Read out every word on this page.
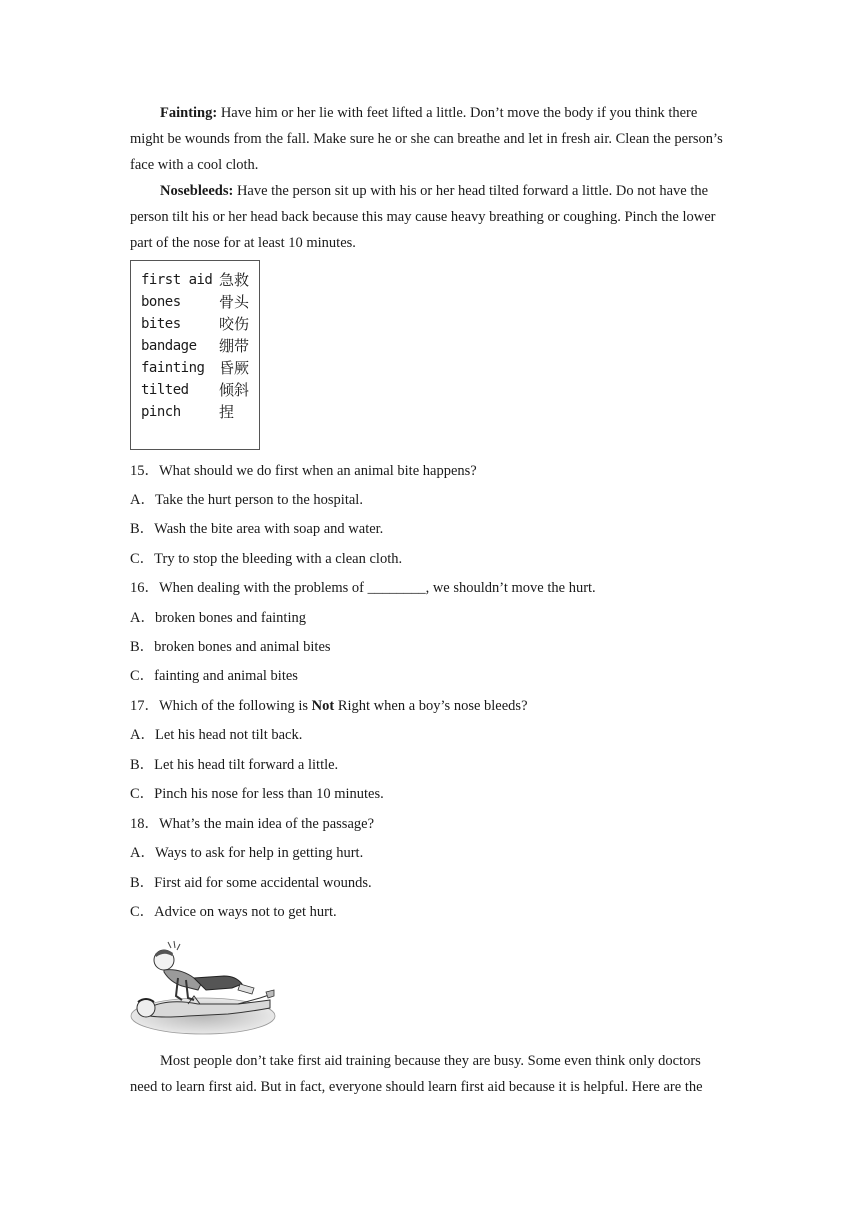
Fainting: Have him or her lie with feet lifted a little. Don’t move the body if you think there might be wounds from the fall. Make sure he or she can breathe and let in fresh air. Clean the person’s face with a cool cloth.

Nosebleeds: Have the person sit up with his or her head tilted forward a little. Do not have the person tilt his or her head back because this may cause heavy breathing or coughing. Pinch the lower part of the nose for at least 10 minutes.

first aid 急救
bones	骨头
bites	咬伤
bandage	绷带
fainting 昏厥
tilted	倾斜
pinch	捏
15．What should we do first when an animal bite happens?
A．Take the hurt person to the hospital.
B．Wash the bite area with soap and water.
C．Try to stop the bleeding with a clean cloth.
16．When dealing with the problems of ________, we shouldn’t move the hurt.
A．broken bones and fainting
B．broken bones and animal bites
C．fainting and animal bites
17．Which of the following is Not Right when a boy’s nose bleeds?
A．Let his head not tilt back.
B．Let his head tilt forward a little.
C．Pinch his nose for less than 10 minutes.
18．What’s the main idea of the passage?
A．Ways to ask for help in getting hurt.
B．First aid for some accidental wounds.
C．Advice on ways not to get hurt.

Most people don’t take first aid training because they are busy. Some even think only doctors need to learn first aid. But in fact, everyone should learn first aid because it is helpful. Here are the
